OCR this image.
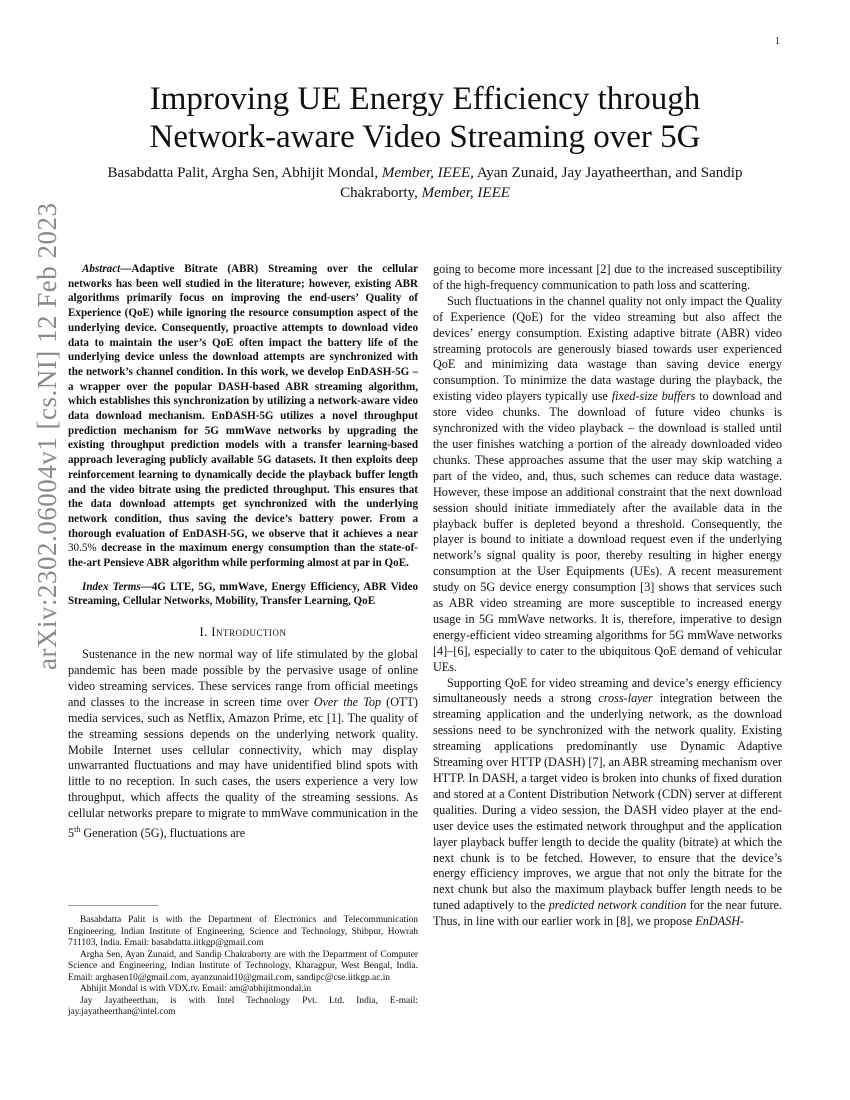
1
arXiv:2302.06004v1 [cs.NI] 12 Feb 2023
Improving UE Energy Efficiency through
Network-aware Video Streaming over 5G
Basabdatta Palit, Argha Sen, Abhijit Mondal, Member, IEEE, Ayan Zunaid, Jay Jayatheerthan, and Sandip
Chakraborty, Member, IEEE

Abstract—Adaptive Bitrate (ABR) Streaming over the cellular networks has been well studied in the literature; however, existing ABR algorithms primarily focus on improving the end-users’ Quality of Experience (QoE) while ignoring the resource consumption aspect of the underlying device. Consequently, proactive attempts to download video data to maintain the user’s QoE often impact the battery life of the underlying device unless the download attempts are synchronized with the network’s channel condition. In this work, we develop EnDASH-5G – a wrapper over the popular DASH-based ABR streaming algorithm, which establishes this synchronization by utilizing a network-aware video data download mechanism. EnDASH-5G utilizes a novel throughput prediction mechanism for 5G mmWave networks by upgrading the existing throughput prediction models with a transfer learning-based approach leveraging publicly available 5G datasets. It then exploits deep reinforcement learning to dynamically decide the playback buffer length and the video bitrate using the predicted throughput. This ensures that the data download attempts get synchronized with the underlying network condition, thus saving the device’s battery power. From a thorough evaluation of EnDASH-5G, we observe that it achieves a near 30.5% decrease in the maximum energy consumption than the state-of-the-art Pensieve ABR algorithm while performing almost at par in QoE.

Index Terms—4G LTE, 5G, mmWave, Energy Efficiency, ABR Video Streaming, Cellular Networks, Mobility, Transfer Learning, QoE

I. Introduction

Sustenance in the new normal way of life stimulated by the global pandemic has been made possible by the pervasive usage of online video streaming services. These services range from official meetings and classes to the increase in screen time over Over the Top (OTT) media services, such as Netflix, Amazon Prime, etc [1]. The quality of the streaming sessions depends on the underlying network quality. Mobile Internet uses cellular connectivity, which may display unwarranted fluctuations and may have unidentified blind spots with little to no reception. In such cases, the users experience a very low throughput, which affects the quality of the streaming sessions. As cellular networks prepare to migrate to mmWave communication in the 5th Generation (5G), fluctuations are

Basabdatta Palit is with the Department of Electronics and Telecommunication Engineering, Indian Institute of Engineering, Science and Technology, Shibpur, Howrah 711103, India. Email: basabdatta.iitkgp@gmail.com

Argha Sen, Ayan Zunaid, and Sandip Chakraborty are with the Department of Computer Science and Engineering, Indian Institute of Technology, Kharagpur, West Bengal, India. Email: arghasen10@gmail.com, ayanzunaid10@gmail.com, sandipc@cse.iitkgp.ac.in

Abhijit Mondal is with VDX.tv. Email: am@abhijitmondal.in

Jay Jayatheerthan, is with Intel Technology Pvt. Ltd. India, E-mail: jay.jayatheerthan@intel.com

going to become more incessant [2] due to the increased susceptibility of the high-frequency communication to path loss and scattering.

Such fluctuations in the channel quality not only impact the Quality of Experience (QoE) for the video streaming but also affect the devices’ energy consumption. Existing adaptive bitrate (ABR) video streaming protocols are generously biased towards user experienced QoE and minimizing data wastage than saving device energy consumption. To minimize the data wastage during the playback, the existing video players typically use fixed-size buffers to download and store video chunks. The download of future video chunks is synchronized with the video playback – the download is stalled until the user finishes watching a portion of the already downloaded video chunks. These approaches assume that the user may skip watching a part of the video, and, thus, such schemes can reduce data wastage. However, these impose an additional constraint that the next download session should initiate immediately after the available data in the playback buffer is depleted beyond a threshold. Consequently, the player is bound to initiate a download request even if the underlying network’s signal quality is poor, thereby resulting in higher energy consumption at the User Equipments (UEs). A recent measurement study on 5G device energy consumption [3] shows that services such as ABR video streaming are more susceptible to increased energy usage in 5G mmWave networks. It is, therefore, imperative to design energy-efficient video streaming algorithms for 5G mmWave networks [4]–[6], especially to cater to the ubiquitous QoE demand of vehicular UEs.

Supporting QoE for video streaming and device’s energy efficiency simultaneously needs a strong cross-layer integration between the streaming application and the underlying network, as the download sessions need to be synchronized with the network quality. Existing streaming applications predominantly use Dynamic Adaptive Streaming over HTTP (DASH) [7], an ABR streaming mechanism over HTTP. In DASH, a target video is broken into chunks of fixed duration and stored at a Content Distribution Network (CDN) server at different qualities. During a video session, the DASH video player at the end-user device uses the estimated network throughput and the application layer playback buffer length to decide the quality (bitrate) at which the next chunk is to be fetched. However, to ensure that the device’s energy efficiency improves, we argue that not only the bitrate for the next chunk but also the maximum playback buffer length needs to be tuned adaptively to the predicted network condition for the near future. Thus, in line with our earlier work in [8], we propose EnDASH-
